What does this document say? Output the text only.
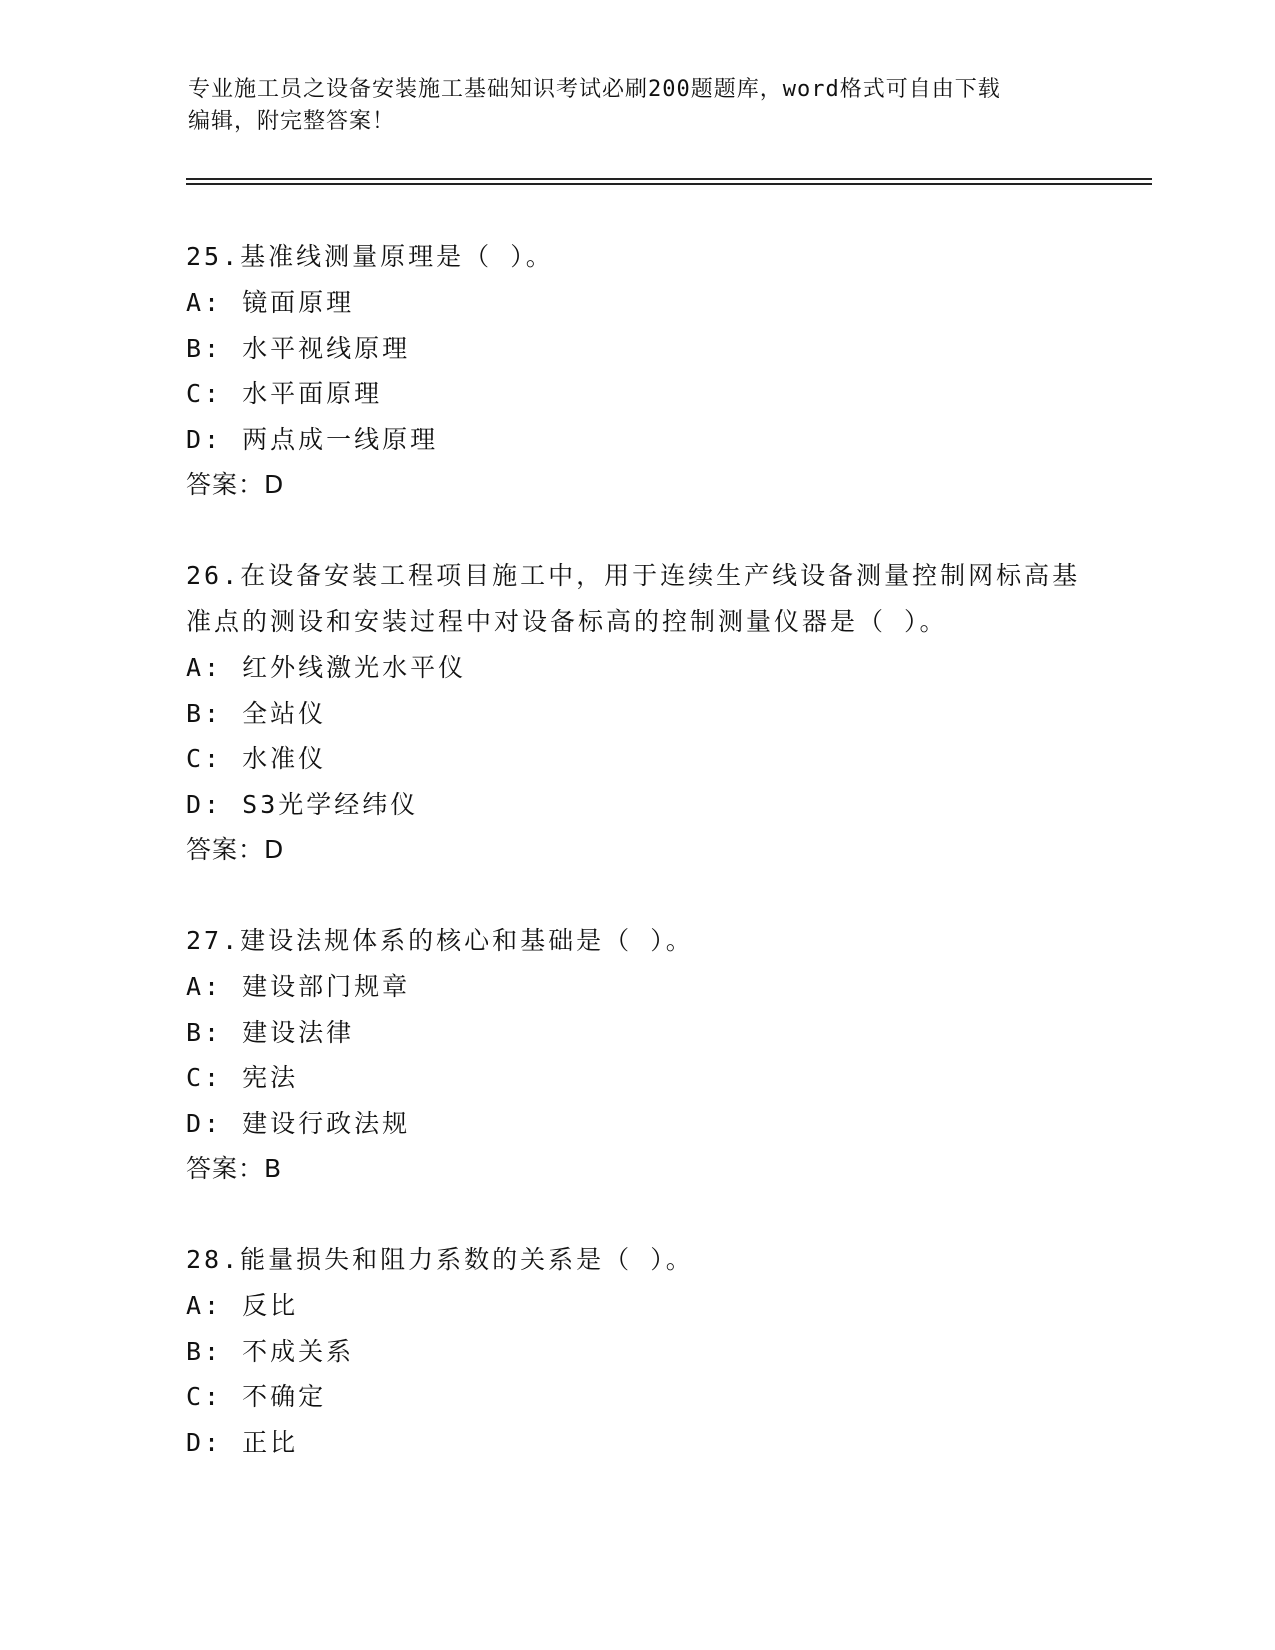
专业施工员之设备安装施工基础知识考试必刷200题题库，word格式可自由下载
编辑，附完整答案！
25.基准线测量原理是（ ）。
A: 镜面原理
B: 水平视线原理
C: 水平面原理
D: 两点成一线原理
答案：D
26.在设备安装工程项目施工中，用于连续生产线设备测量控制网标高基准点的测设和安装过程中对设备标高的控制测量仪器是（ ）。
A: 红外线激光水平仪
B: 全站仪
C: 水准仪
D: S3光学经纬仪
答案：D
27.建设法规体系的核心和基础是（ ）。
A: 建设部门规章
B: 建设法律
C: 宪法
D: 建设行政法规
答案：B
28.能量损失和阻力系数的关系是（ ）。
A: 反比
B: 不成关系
C: 不确定
D: 正比
